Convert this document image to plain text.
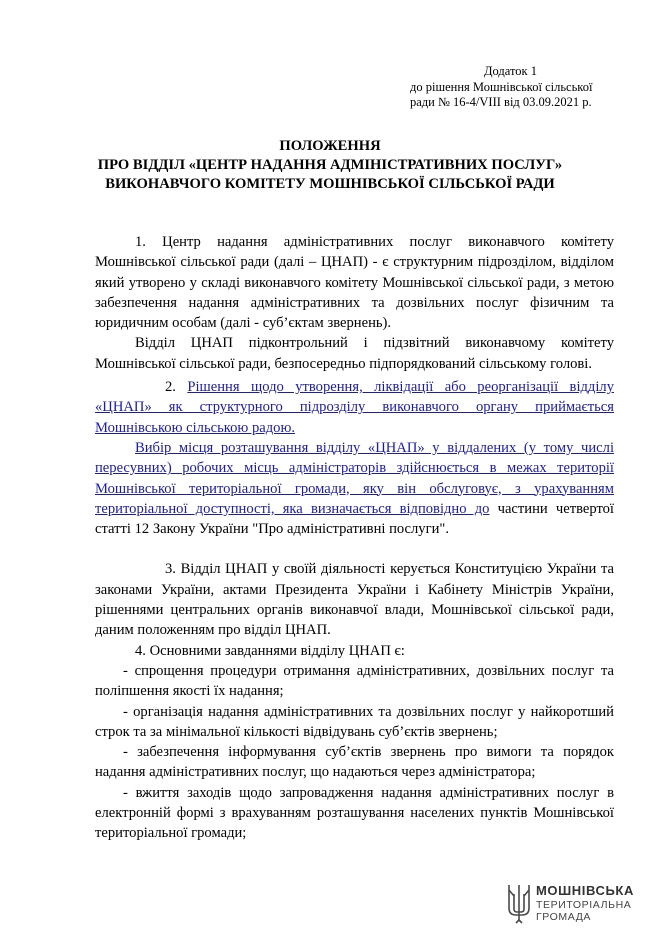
Додаток 1
до рішення Мошнівської сільської
ради № 16-4/VIII від 03.09.2021 р.
ПОЛОЖЕННЯ
ПРО ВІДДІЛ «ЦЕНТР НАДАННЯ АДМІНІСТРАТИВНИХ ПОСЛУГ»
ВИКОНАВЧОГО КОМІТЕТУ МОШНІВСЬКОЇ СІЛЬСЬКОЇ РАДИ

1. Центр надання адміністративних послуг виконавчого комітету Мошнівської сільської ради (далі – ЦНАП) - є структурним підрозділом, відділом який утворено у складі виконавчого комітету Мошнівської сільської ради, з метою забезпечення надання адміністративних та дозвільних послуг фізичним та юридичним особам (далі - суб’єктам звернень).

Відділ ЦНАП підконтрольний і підзвітний виконавчому комітету Мошнівської сільської ради, безпосередньо підпорядкований сільському голові.

2. Рішення щодо утворення, ліквідації або реорганізації відділу «ЦНАП» як структурного підрозділу виконавчого органу приймається Мошнівською сільською радою.

Вибір місця розташування відділу «ЦНАП» у віддалених (у тому числі пересувних) робочих місць адміністраторів здійснюється в межах території Мошнівської територіальної громади, яку він обслуговує, з урахуванням територіальної доступності, яка визначається відповідно до частини четвертої статті 12 Закону України "Про адміністративні послуги".

3. Відділ ЦНАП у своїй діяльності керується Конституцією України та законами України, актами Президента України і Кабінету Міністрів України, рішеннями центральних органів виконавчої влади, Мошнівської сільської ради, даним положенням про відділ ЦНАП.

4. Основними завданнями відділу ЦНАП є:

- спрощення процедури отримання адміністративних, дозвільних послуг та поліпшення якості їх надання;

- організація надання адміністративних та дозвільних послуг у найкоротший строк та за мінімальної кількості відвідувань суб’єктів звернень;

- забезпечення інформування суб’єктів звернень про вимоги та порядок надання адміністративних послуг, що надаються через адміністратора;

- вжиття заходів щодо запровадження надання адміністративних послуг в електронній формі з врахуванням розташування населених пунктів Мошнівської територіальної громади;

МОШНІВСЬКА
ТЕРИТОРІАЛЬНА
ГРОМАДА
